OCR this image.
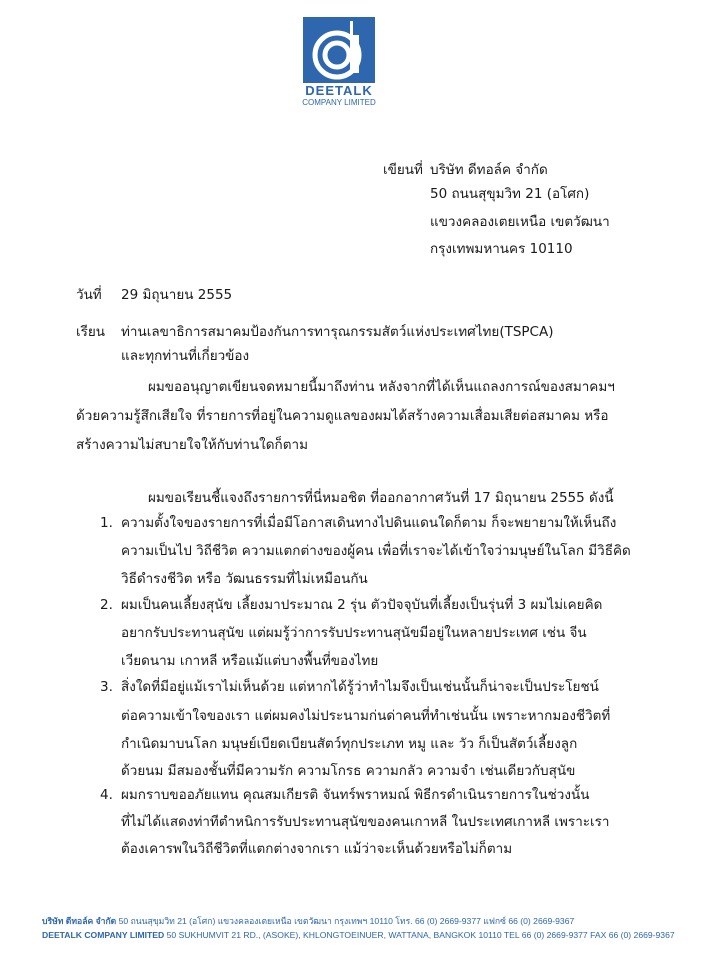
DEETALK
COMPANY LIMITED
เขียนที่ บริษัท ดีทอล์ค จำกัด
50 ถนนสุขุมวิท 21 (อโศก)
แขวงคลองเตยเหนือ เขตวัฒนา
กรุงเทพมหานคร 10110
วันที่ 29 มิถุนายน 2555
เรียน ท่านเลขาธิการสมาคมป้องกันการทารุณกรรมสัตว์แห่งประเทศไทย(TSPCA)
และทุกท่านที่เกี่ยวข้อง
ผมขออนุญาตเขียนจดหมายนี้มาถึงท่าน หลังจากที่ได้เห็นแถลงการณ์ของสมาคมฯ
ด้วยความรู้สึกเสียใจ ที่รายการที่อยู่ในความดูแลของผมได้สร้างความเสื่อมเสียต่อสมาคม หรือ
สร้างความไม่สบายใจให้กับท่านใดก็ตาม
ผมขอเรียนชี้แจงถึงรายการที่นี่หมอชิต ที่ออกอากาศวันที่ 17 มิถุนายน 2555 ดังนี้
1. ความตั้งใจของรายการที่เมื่อมีโอกาสเดินทางไปดินแดนใดก็ตาม ก็จะพยายามให้เห็นถึง
ความเป็นไป วิถีชีวิต ความแตกต่างของผู้คน เพื่อที่เราจะได้เข้าใจว่ามนุษย์ในโลก มีวิธีคิด
วิธีดำรงชีวิต หรือ วัฒนธรรมที่ไม่เหมือนกัน
2. ผมเป็นคนเลี้ยงสุนัข เลี้ยงมาประมาณ 2 รุ่น ตัวปัจจุบันที่เลี้ยงเป็นรุ่นที่ 3 ผมไม่เคยคิด
อยากรับประทานสุนัข แต่ผมรู้ว่าการรับประทานสุนัขมีอยู่ในหลายประเทศ เช่น จีน
เวียดนาม เกาหลี หรือแม้แต่บางพื้นที่ของไทย
3. สิ่งใดที่มีอยู่แม้เราไม่เห็นด้วย แต่หากได้รู้ว่าทำไมจึงเป็นเช่นนั้นก็น่าจะเป็นประโยชน์
ต่อความเข้าใจของเรา แต่ผมคงไม่ประนามก่นด่าคนที่ทำเช่นนั้น เพราะหากมองชีวิตที่
กำเนิดมาบนโลก มนุษย์เบียดเบียนสัตว์ทุกประเภท หมู และ วัว ก็เป็นสัตว์เลี้ยงลูก
ด้วยนม มีสมองชั้นที่มีความรัก ความโกรธ ความกลัว ความจำ เช่นเดียวกับสุนัข
4. ผมกราบขออภัยแทน คุณสมเกียรติ จันทร์พราหมณ์ พิธีกรดำเนินรายการในช่วงนั้น
ที่ไม่ได้แสดงท่าทีตำหนิการรับประทานสุนัขของคนเกาหลี ในประเทศเกาหลี เพราะเรา
ต้องเคารพในวิถีชีวิตที่แตกต่างจากเรา แม้ว่าจะเห็นด้วยหรือไม่ก็ตาม
บริษัท ดีทอล์ค จำกัด 50 ถนนสุขุมวิท 21 (อโศก) แขวงคลองเตยเหนือ เขตวัฒนา กรุงเทพฯ 10110 โทร. 66 (0) 2669-9377 แฟกซ์ 66 (0) 2669-9367
DEETALK COMPANY LIMITED 50 SUKHUMVIT 21 RD., (ASOKE), KHLONGTOEINUER, WATTANA, BANGKOK 10110 TEL 66 (0) 2669-9377 FAX 66 (0) 2669-9367
